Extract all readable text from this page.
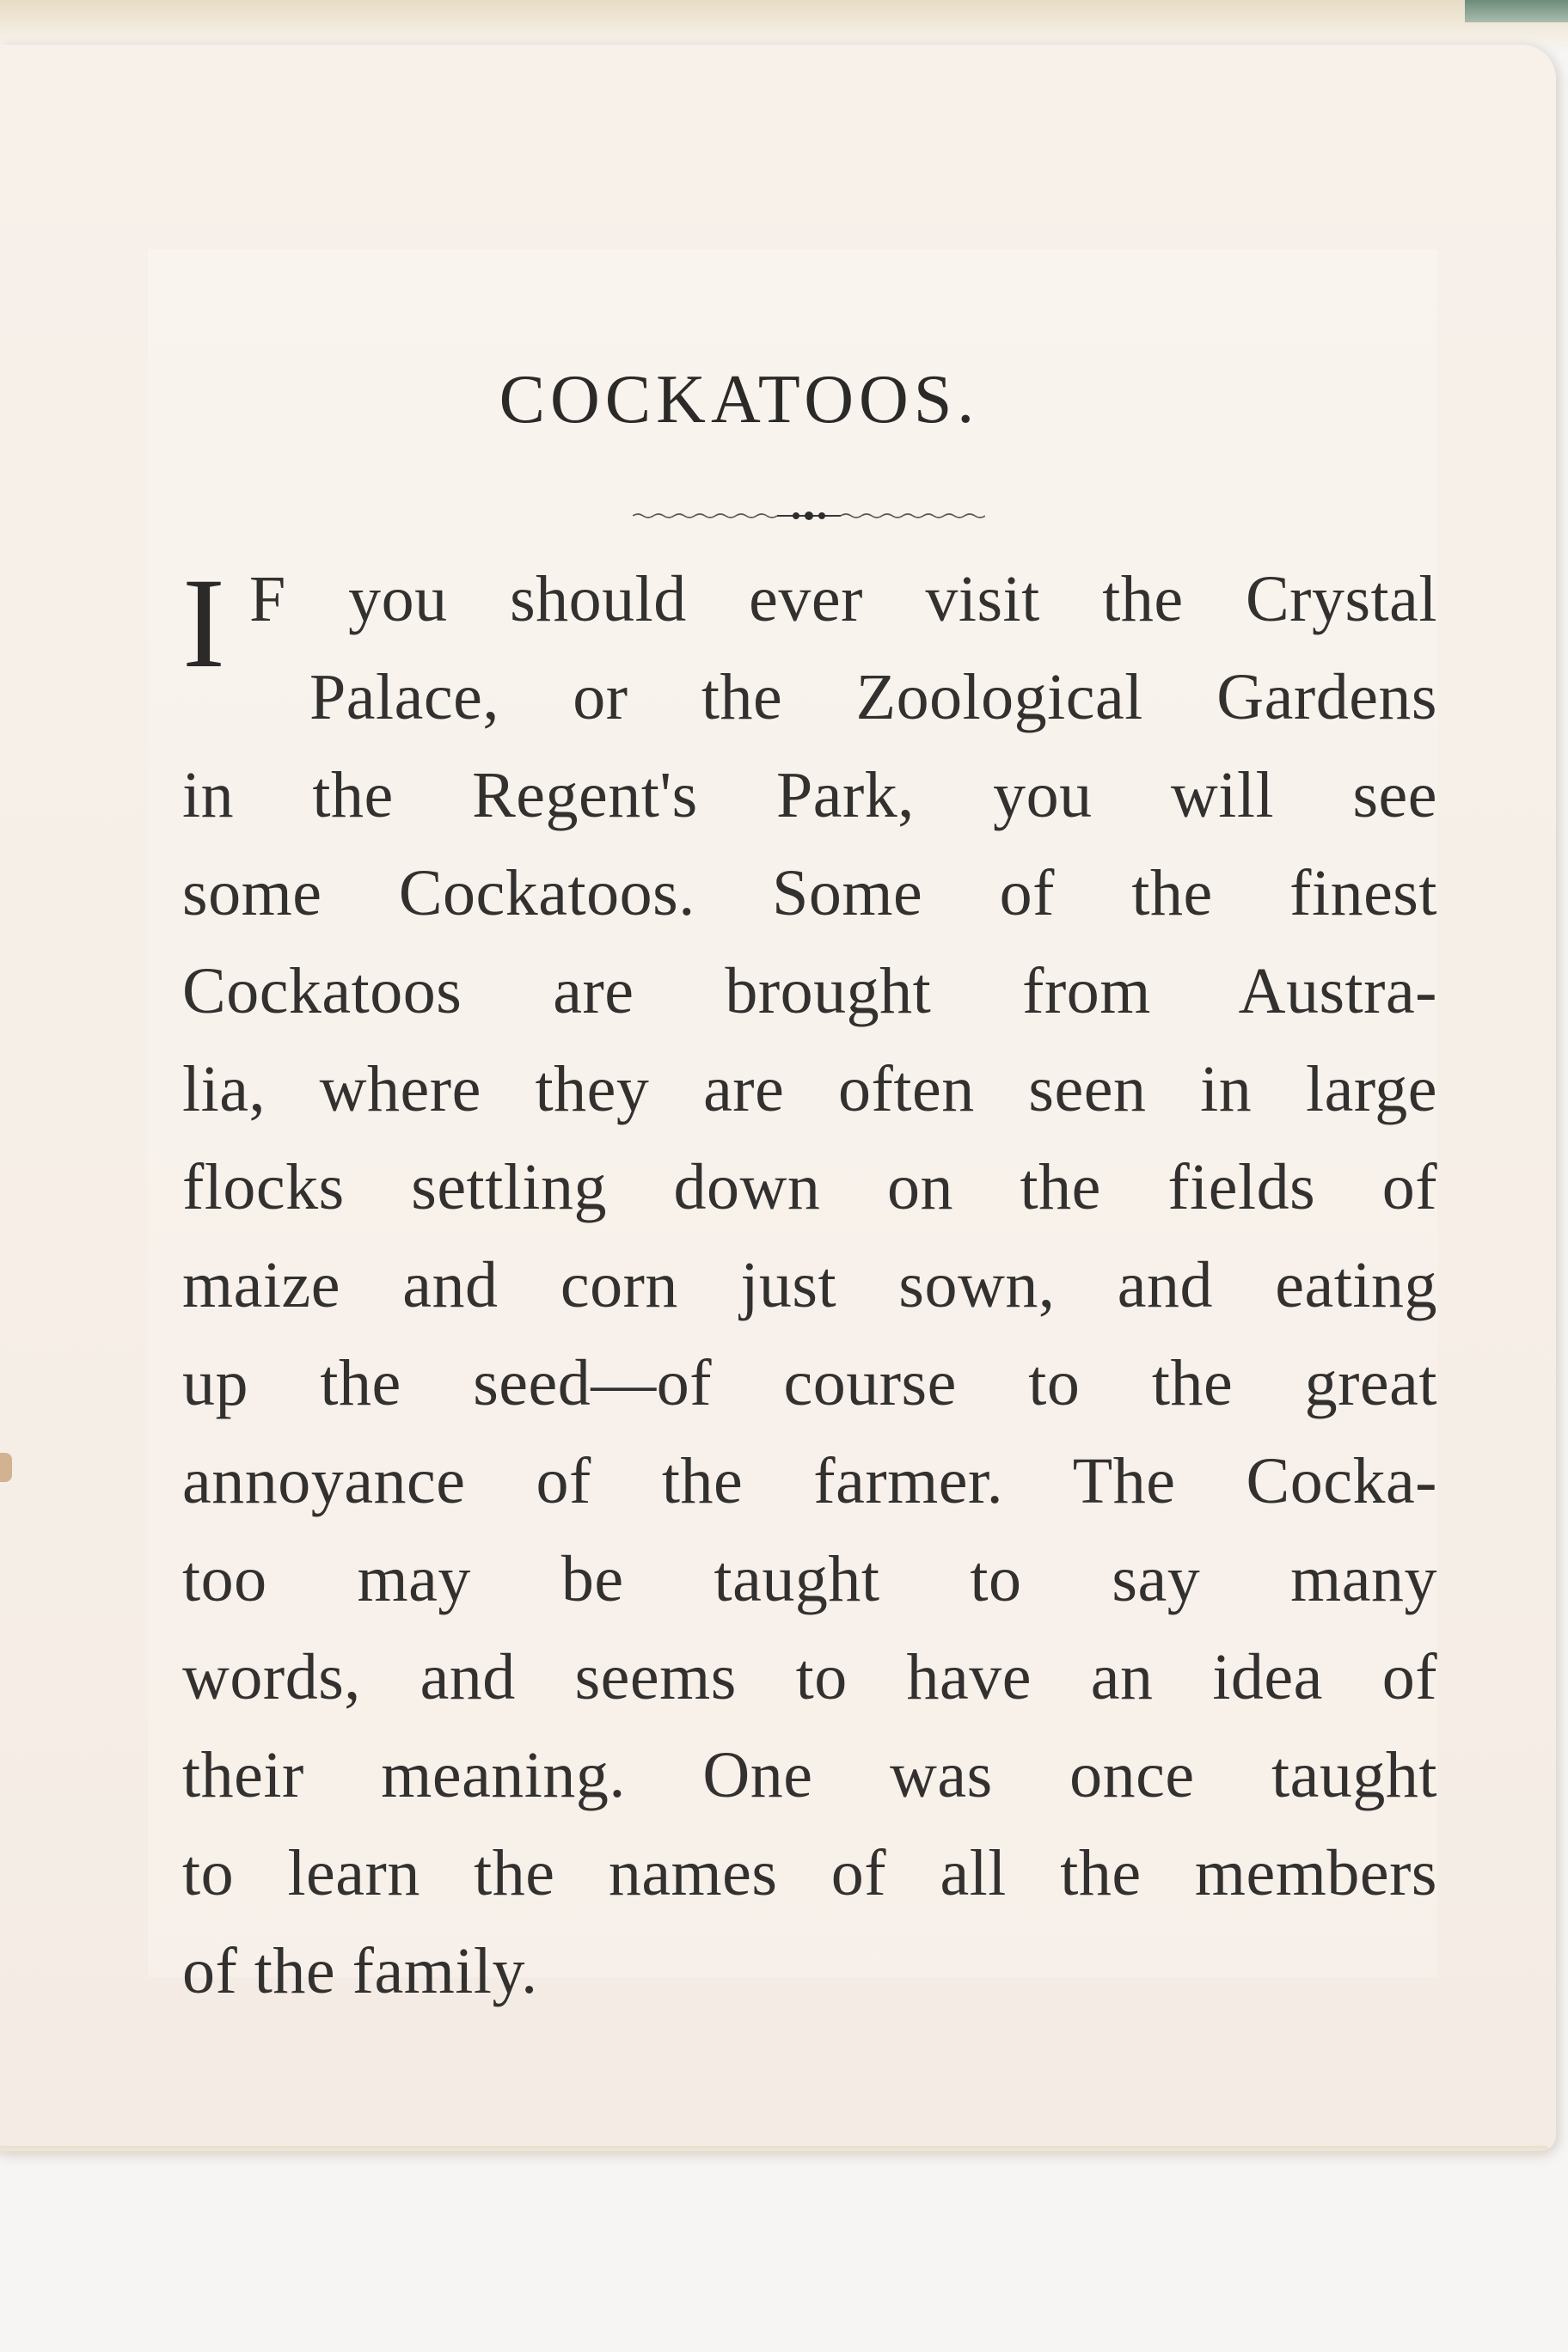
COCKATOOS.
I F you should ever visit the Crystal
Palace, or the Zoological Gardens
in the Regent's Park, you will see
some Cockatoos. Some of the finest
Cockatoos are brought from Austra-
lia, where they are often seen in large
flocks settling down on the fields of
maize and corn just sown, and eating
up the seed—of course to the great
annoyance of the farmer. The Cocka-
too may be taught to say many
words, and seems to have an idea of
their meaning. One was once taught
to learn the names of all the members
of the family.
